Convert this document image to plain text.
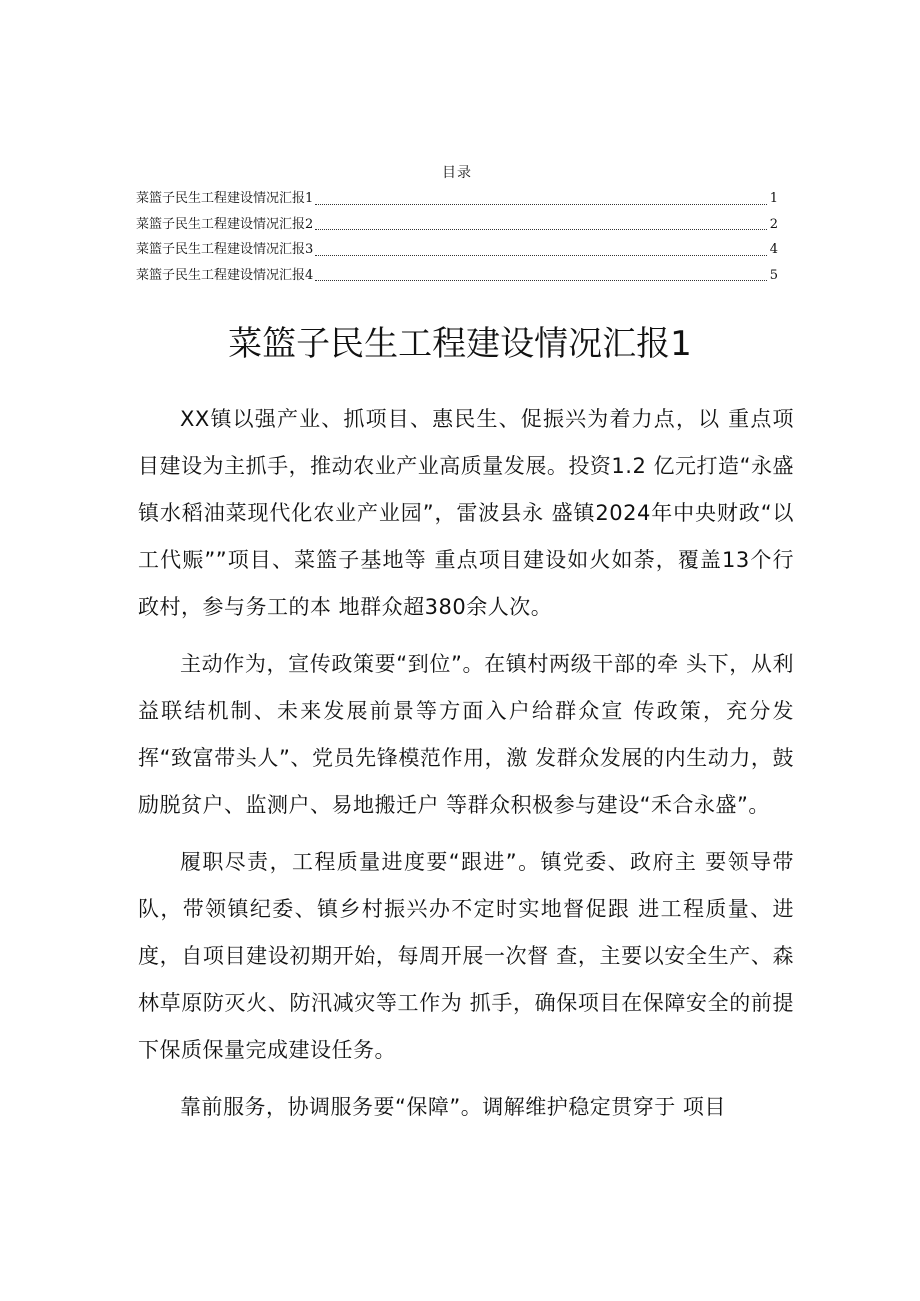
目录
菜篮子民生工程建设情况汇报1	1
菜篮子民生工程建设情况汇报2	2
菜篮子民生工程建设情况汇报3	4
菜篮子民生工程建设情况汇报4	5
菜篮子民生工程建设情况汇报1

XX镇以强产业、抓项目、惠民生、促振兴为着力点，以 重点项目建设为主抓手，推动农业产业高质量发展。投资1.2 亿元打造“永盛镇水稻油菜现代化农业产业园”，雷波县永 盛镇2024年中央财政“以工代赈””项目、菜篮子基地等 重点项目建设如火如荼，覆盖13个行政村，参与务工的本 地群众超380余人次。

主动作为，宣传政策要“到位”。在镇村两级干部的牵 头下，从利益联结机制、未来发展前景等方面入户给群众宣 传政策，充分发挥“致富带头人”、党员先锋模范作用，激 发群众发展的内生动力，鼓励脱贫户、监测户、易地搬迁户 等群众积极参与建设“禾合永盛”。

履职尽责，工程质量进度要“跟进”。镇党委、政府主 要领导带队，带领镇纪委、镇乡村振兴办不定时实地督促跟 进工程质量、进度，自项目建设初期开始，每周开展一次督 查，主要以安全生产、森林草原防灭火、防汛减灾等工作为 抓手，确保项目在保障安全的前提下保质保量完成建设任务。

靠前服务，协调服务要“保障”。调解维护稳定贯穿于 项目
